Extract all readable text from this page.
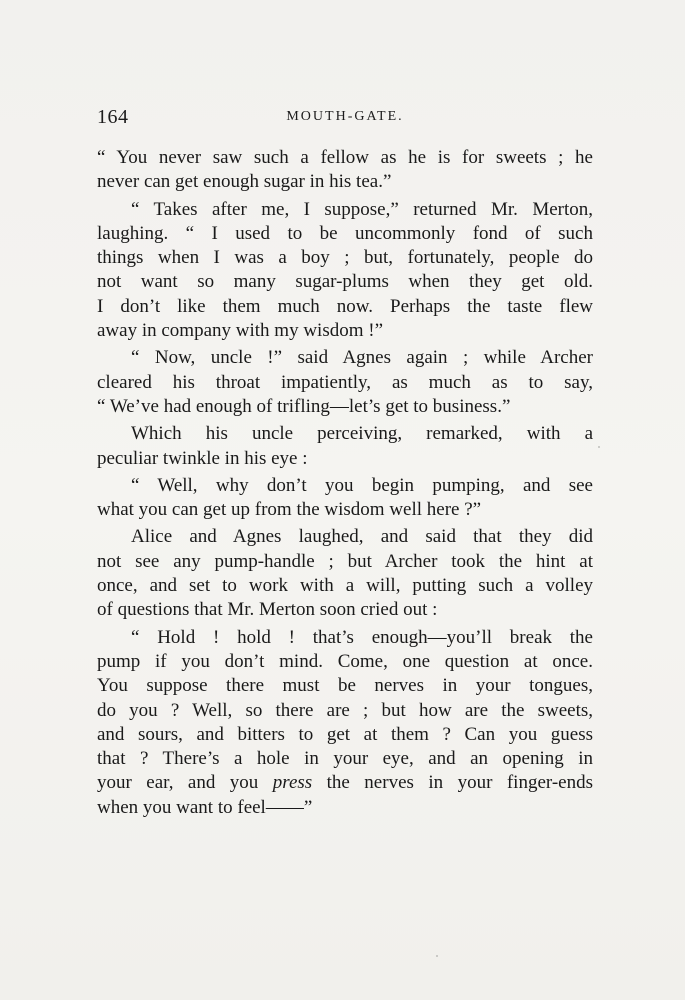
164	MOUTH-GATE.
“ You never saw such a fellow as he is for sweets ; he
never can get enough sugar in his tea.”
“ Takes after me, I suppose,” returned Mr. Merton,
laughing. “ I used to be uncommonly fond of such
things when I was a boy ; but, fortunately, people do
not want so many sugar-plums when they get old.
I don’t like them much now. Perhaps the taste flew
away in company with my wisdom !”
“ Now, uncle !” said Agnes again ; while Archer
cleared his throat impatiently, as much as to say,
“ We’ve had enough of trifling—let’s get to business.”
Which his uncle perceiving, remarked, with a
peculiar twinkle in his eye :
“ Well, why don’t you begin pumping, and see
what you can get up from the wisdom well here ?”
Alice and Agnes laughed, and said that they did
not see any pump-handle ; but Archer took the hint at
once, and set to work with a will, putting such a volley
of questions that Mr. Merton soon cried out :
“ Hold ! hold ! that’s enough—you’ll break the
pump if you don’t mind. Come, one question at once.
You suppose there must be nerves in your tongues,
do you ? Well, so there are ; but how are the sweets,
and sours, and bitters to get at them ? Can you guess
that ? There’s a hole in your eye, and an opening in
your ear, and you press the nerves in your finger-ends
when you want to feel——”
